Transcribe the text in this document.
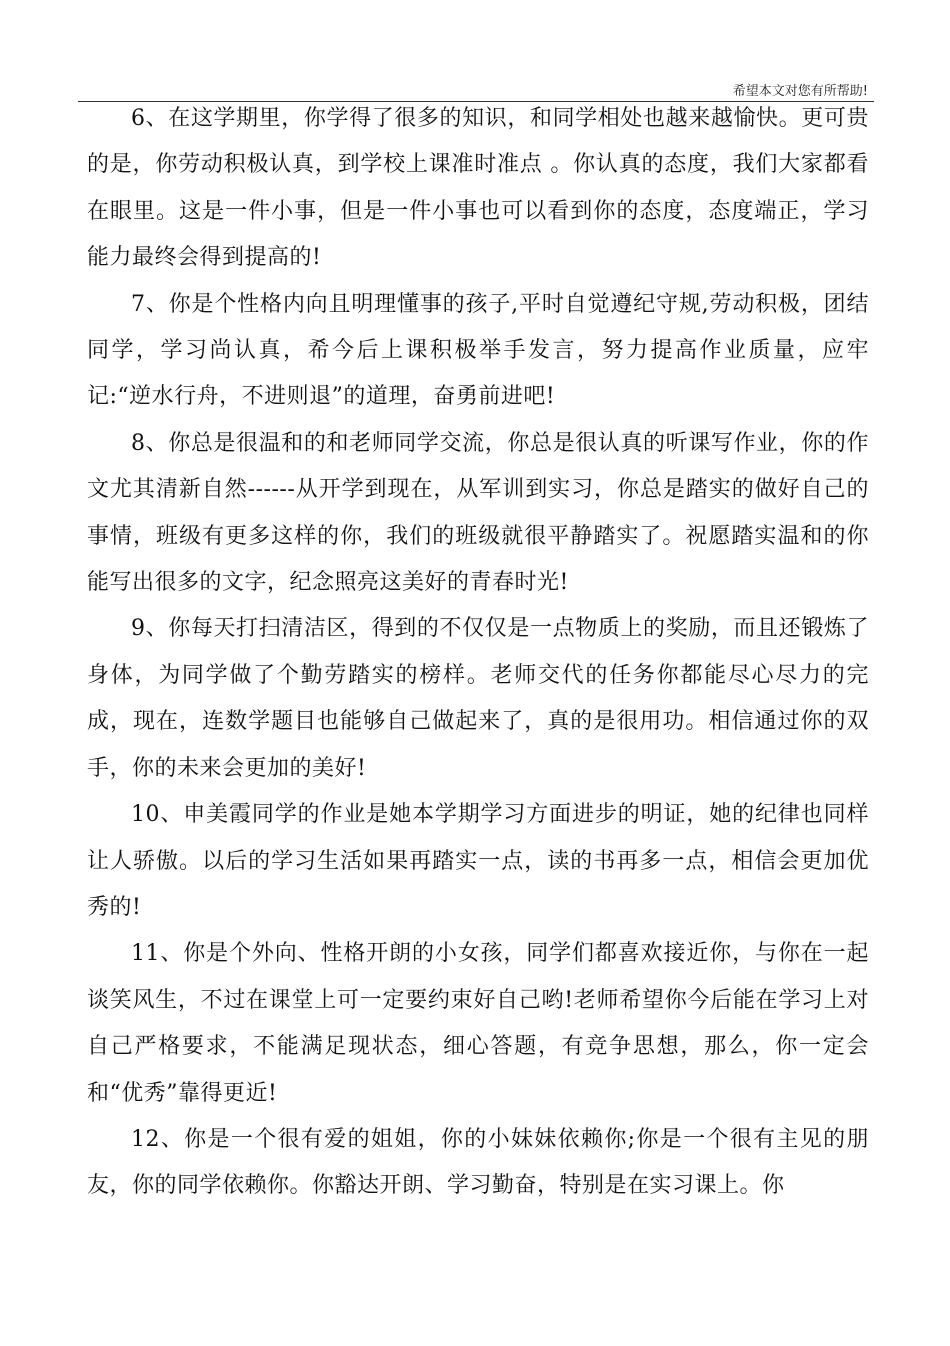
希望本文对您有所帮助!

6、在这学期里，你学得了很多的知识，和同学相处也越来越愉快。更可贵的是，你劳动积极认真，到学校上课准时准点 。你认真的态度，我们大家都看在眼里。这是一件小事，但是一件小事也可以看到你的态度，态度端正，学习能力最终会得到提高的!

7、你是个性格内向且明理懂事的孩子,平时自觉遵纪守规,劳动积极，团结同学，学习尚认真，希今后上课积极举手发言，努力提高作业质量，应牢记:“逆水行舟，不进则退”的道理，奋勇前进吧!

8、你总是很温和的和老师同学交流，你总是很认真的听课写作业，你的作文尤其清新自然------从开学到现在，从军训到实习，你总是踏实的做好自己的事情，班级有更多这样的你，我们的班级就很平静踏实了。祝愿踏实温和的你能写出很多的文字，纪念照亮这美好的青春时光!

9、你每天打扫清洁区，得到的不仅仅是一点物质上的奖励，而且还锻炼了身体，为同学做了个勤劳踏实的榜样。老师交代的任务你都能尽心尽力的完成，现在，连数学题目也能够自己做起来了，真的是很用功。相信通过你的双手，你的未来会更加的美好!

10、申美霞同学的作业是她本学期学习方面进步的明证，她的纪律也同样让人骄傲。以后的学习生活如果再踏实一点，读的书再多一点，相信会更加优秀的!

11、你是个外向、性格开朗的小女孩，同学们都喜欢接近你，与你在一起谈笑风生，不过在课堂上可一定要约束好自己哟!老师希望你今后能在学习上对自己严格要求，不能满足现状态，细心答题，有竞争思想，那么，你一定会和“优秀”靠得更近!

12、你是一个很有爱的姐姐，你的小妹妹依赖你;你是一个很有主见的朋友，你的同学依赖你。你豁达开朗、学习勤奋，特别是在实习课上。你
